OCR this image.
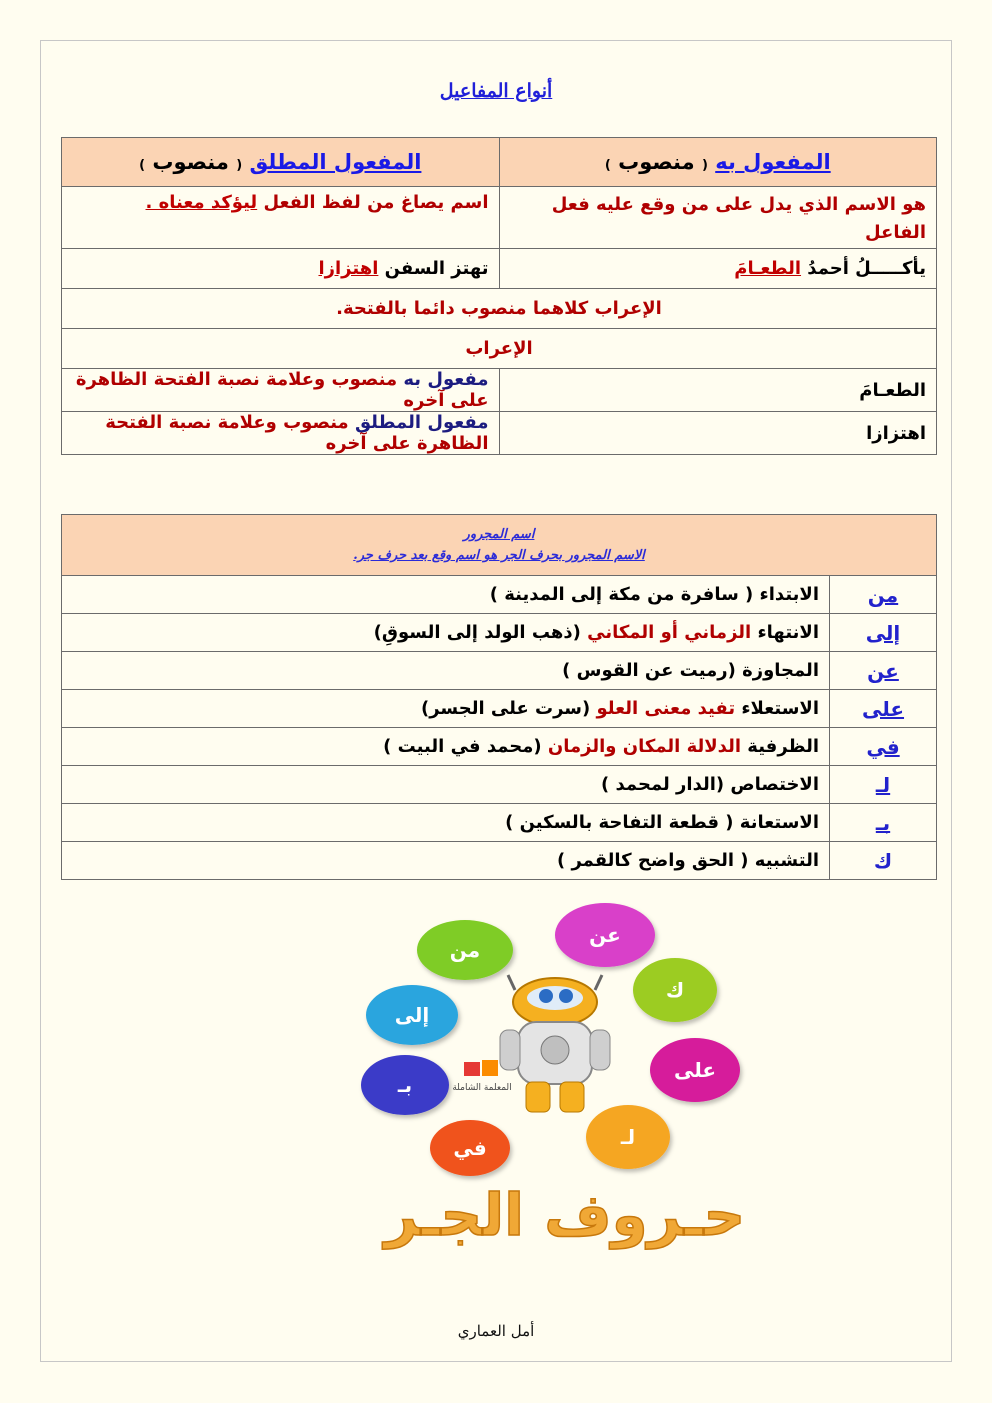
أنواع المفاعيل
المفعول به ( منصوب )	المفعول المطلق ( منصوب )
هو الاسم الذي يدل على من وقع عليه فعل الفاعل	اسم يصاغ من لفظ الفعل ليؤكد معناه .
يأكـــــلُ أحمدُ الطعـامَ	تهتز السفن اهتزازا
الإعراب كلاهما منصوب دائما بالفتحة.	
الإعراب	
الطعـامَ	مفعول به منصوب وعلامة نصبة الفتحة الظاهرة على آخره
اهتزازا	مفعول المطلق منصوب وعلامة نصبة الفتحة الظاهرة على آخره
اسم المجرور
الاسم المجرور بحرف الجر هو اسم وقع بعد حرف جر.	

من	الابتداء ( سافرة من مكة إلى المدينة )
إلى	الانتهاء الزماني أو المكاني (ذهب الولد إلى السوقِ)
عن	المجاوزة (رميت عن القوس )
على	الاستعلاء تفيد معنى العلو (سرت على الجسر)
في	الظرفية الدلالة المكان والزمان (محمد في البيت )
لـ	الاختصاص (الدار لمحمد )
بـ	الاستعانة ( قطعة التفاحة بالسكين )
ك	التشبيه ( الحق واضح كالقمر )
عن
من
ك
إلى
على
بـ
لـ
في
المعلمة الشاملة
حـروف الجـر
أمل العماري
